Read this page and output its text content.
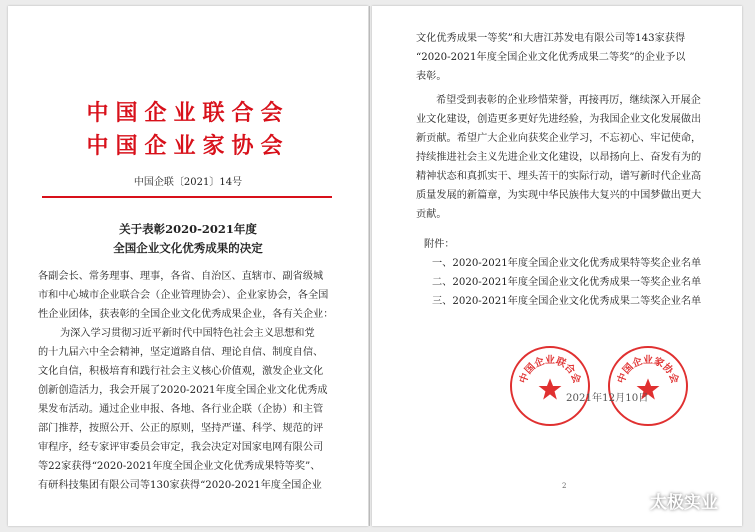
中国企业联合会
中国企业家协会
中国企联〔2021〕14号
关于表彰2020-2021年度
全国企业文化优秀成果的决定
各副会长、常务理事、理事，各省、自治区、直辖市、副省级城
市和中心城市企业联合会（企业管理协会）、企业家协会，各全国
性企业团体，获表彰的全国企业文化优秀成果企业，各有关企业：
为深入学习贯彻习近平新时代中国特色社会主义思想和党
的十九届六中全会精神，坚定道路自信、理论自信、制度自信、
文化自信，积极培育和践行社会主义核心价值观，激发企业文化
创新创造活力，我会开展了2020-2021年度全国企业文化优秀成
果发布活动。通过企业申报、各地、各行业企联（企协）和主管
部门推荐，按照公开、公正的原则，坚持严谨、科学、规范的评
审程序，经专家评审委员会审定，我会决定对国家电网有限公司
等22家获得“2020-2021年度全国企业文化优秀成果特等奖”、
有研科技集团有限公司等130家获得“2020-2021年度全国企业
文化优秀成果一等奖”和大唐江苏发电有限公司等143家获得
“2020-2021年度全国企业文化优秀成果二等奖”的企业予以
表彰。
希望受到表彰的企业珍惜荣誉，再接再厉，继续深入开展企
业文化建设，创造更多更好先进经验，为我国企业文化发展做出
新贡献。希望广大企业向获奖企业学习，不忘初心、牢记使命，
持续推进社会主义先进企业文化建设，以昂扬向上、奋发有为的
精神状态和真抓实干、埋头苦干的实际行动，谱写新时代企业高
质量发展的新篇章，为实现中华民族伟大复兴的中国梦做出更大
贡献。
附件：
一、2020-2021年度全国企业文化优秀成果特等奖企业名单
二、2020-2021年度全国企业文化优秀成果一等奖企业名单
三、2020-2021年度全国企业文化优秀成果二等奖企业名单
中国企业联合会	中国企业家协会
2021年12月10日
2
太极实业
